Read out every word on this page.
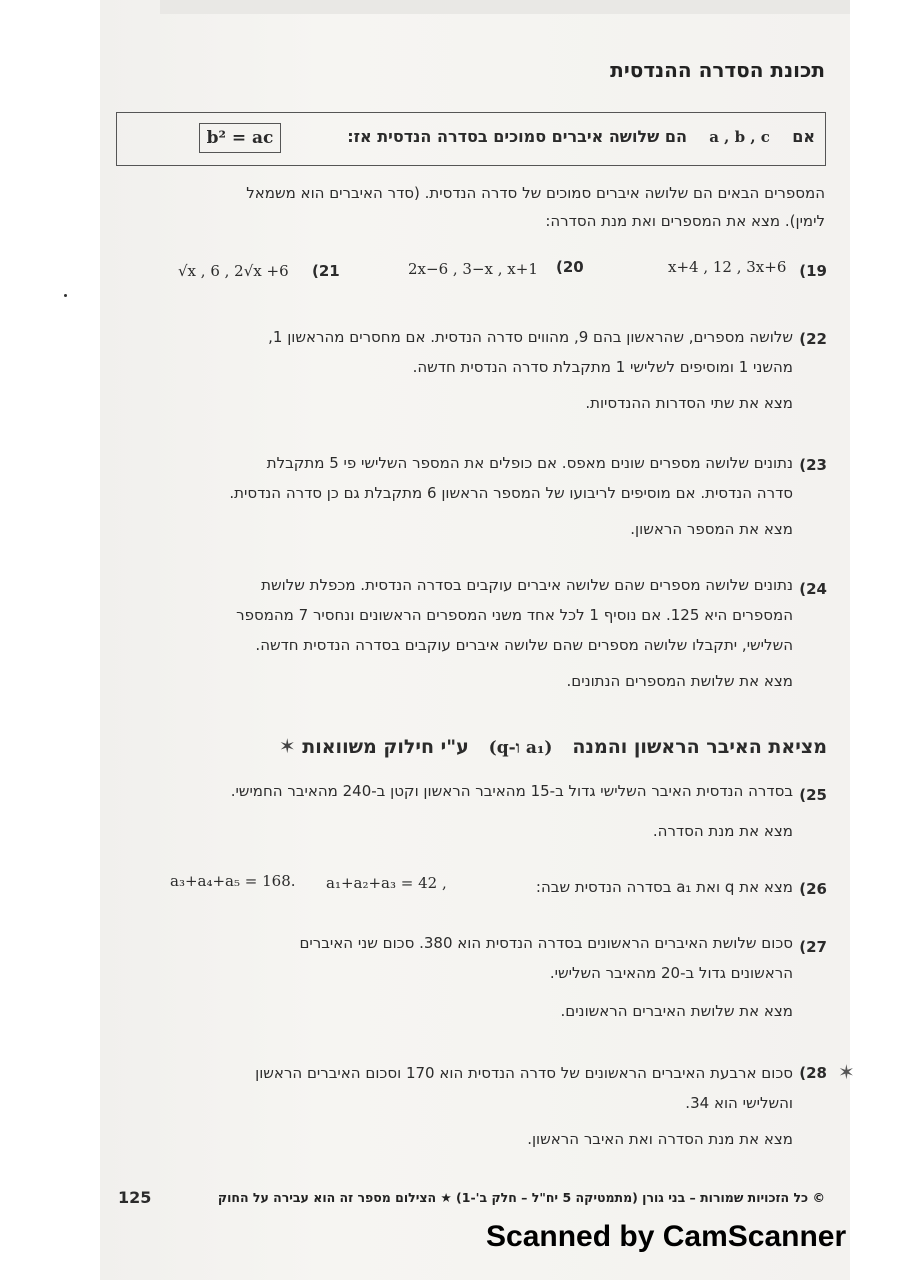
תכונת הסדרה ההנדסית
אם    a , b , c    הם שלושה איברים סמוכים בסדרה הנדסית אז:
b² = ac
המספרים הבאים הם שלושה איברים סמוכים של סדרה הנדסית. (סדר האיברים הוא משמאל
לימין). מצא את המספרים ואת מנת הסדרה:
(19
x+4 , 12 , 3x+6
(20
2x−6 , 3−x , x+1
(21
√x , 6 , 2√x +6
(22
שלושה מספרים, שהראשון בהם 9, מהווים סדרה הנדסית. אם מחסרים מהראשון 1,
מהשני 1 ומוסיפים לשלישי 1 מתקבלת סדרה הנדסית חדשה.
מצא את שתי הסדרות ההנדסיות.
(23
נתונים שלושה מספרים שונים מאפס. אם כופלים את המספר השלישי פי 5 מתקבלת
סדרה הנדסית. אם מוסיפים לריבועו של המספר הראשון 6 מתקבלת גם כן סדרה הנדסית.
מצא את המספר הראשון.
(24
נתונים שלושה מספרים שהם שלושה איברים עוקבים בסדרה הנדסית. מכפלת שלושת
המספרים היא 125. אם נוסיף 1 לכל אחד משני המספרים הראשונים ונחסיר 7 מהמספר
השלישי, יתקבלו שלושה מספרים שהם שלושה איברים עוקבים בסדרה הנדסית חדשה.
מצא את שלושת המספרים הנתונים.
מציאת האיבר הראשון והמנה   (q-ו a₁)   ע"י חילוק משוואות ✶
(25
בסדרה הנדסית האיבר השלישי גדול ב-15 מהאיבר הראשון וקטן ב-240 מהאיבר החמישי.
מצא את מנת הסדרה.
(26
מצא את q ואת a₁ בסדרה הנדסית שבה:
a₁+a₂+a₃ = 42 ,
a₃+a₄+a₅ = 168.
(27
סכום שלושת האיברים הראשונים בסדרה הנדסית הוא 380. סכום שני האיברים
הראשונים גדול ב-20 מהאיבר השלישי.
מצא את שלושת האיברים הראשונים.
✶
(28
סכום ארבעת האיברים הראשונים של סדרה הנדסית הוא 170 וסכום האיברים הראשון
והשלישי הוא 34.
מצא את מנת הסדרה ואת האיבר הראשון.
© כל הזכויות שמורות – בני גורן (מתמטיקה 5 יח"ל – חלק ב'-1) ★ הצילום מספר זה הוא עבירה על החוק
125
Scanned by CamScanner
